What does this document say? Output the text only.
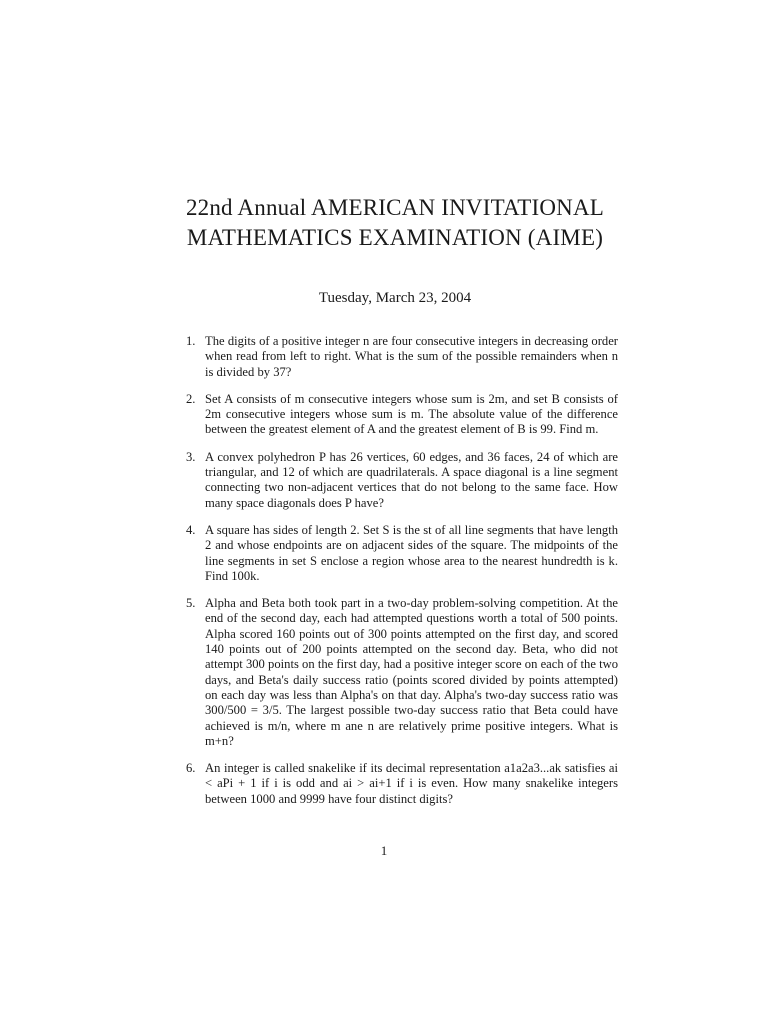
22nd Annual AMERICAN INVITATIONAL
MATHEMATICS EXAMINATION (AIME)
Tuesday, March 23, 2004
1. The digits of a positive integer n are four consecutive integers in decreasing order when read from left to right. What is the sum of the possible remainders when n is divided by 37?
2. Set A consists of m consecutive integers whose sum is 2m, and set B consists of 2m consecutive integers whose sum is m. The absolute value of the difference between the greatest element of A and the greatest element of B is 99. Find m.
3. A convex polyhedron P has 26 vertices, 60 edges, and 36 faces, 24 of which are triangular, and 12 of which are quadrilaterals. A space diagonal is a line segment connecting two non-adjacent vertices that do not belong to the same face. How many space diagonals does P have?
4. A square has sides of length 2. Set S is the st of all line segments that have length 2 and whose endpoints are on adjacent sides of the square. The midpoints of the line segments in set S enclose a region whose area to the nearest hundredth is k. Find 100k.
5. Alpha and Beta both took part in a two-day problem-solving competition. At the end of the second day, each had attempted questions worth a total of 500 points. Alpha scored 160 points out of 300 points attempted on the first day, and scored 140 points out of 200 points attempted on the second day. Beta, who did not attempt 300 points on the first day, had a positive integer score on each of the two days, and Beta's daily success ratio (points scored divided by points attempted) on each day was less than Alpha's on that day. Alpha's two-day success ratio was 300/500 = 3/5. The largest possible two-day success ratio that Beta could have achieved is m/n, where m ane n are relatively prime positive integers. What is m+n?
6. An integer is called snakelike if its decimal representation a1a2a3...ak satisfies ai < aPi + 1 if i is odd and ai > ai+1 if i is even. How many snakelike integers between 1000 and 9999 have four distinct digits?
1
